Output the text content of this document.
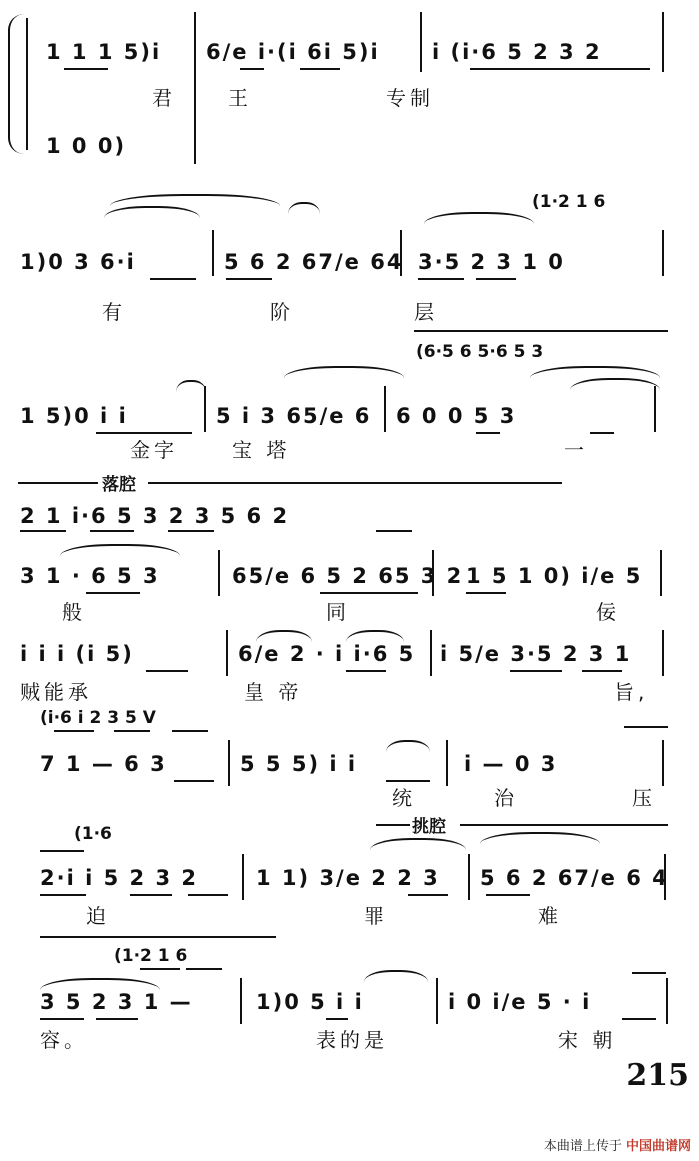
1 1 1 5)i 6/e i·(i 6i 5)i i (i·6 5 2 3 2
君	王	专制
1 0 0)
(1·2 1 6
1)0 3 6·i	5 6 2 67/e 64 3·5 2 3 1 0
有	阶	层
(6·5 6 5·6 5 3
1 5)0 i i	5 i 3 65/e 6 6 0 0 5 3
金字	宝 塔	一
落腔
2 1 i·6 5 3 2 3 5 6 2
3 1 · 6 5 3	65/e 6 5 2 65 3 2 1 5 1 0) i/e 5
般	同	佞
i i i (i 5)	6/e 2 · i i·6 5 i 5/e 3·5 2 3 1
贼能承	皇 帝	旨,
(i·6 i 2 3 5 V
7 1 — 6 3	5 5 5) i i	i — 0 3
统	治	压
挑腔
(1·6
2·i i 5 2 3 2	1 1) 3/e 2 2 3 5 6 2 67/e 6 4
迫	罪	难
(1·2 1 6
3 5 2 3 1 —	1)0 5 i i	i 0 i/e 5 · i
容。	表的是	宋 朝
215
本曲谱上传于 中国曲谱网
